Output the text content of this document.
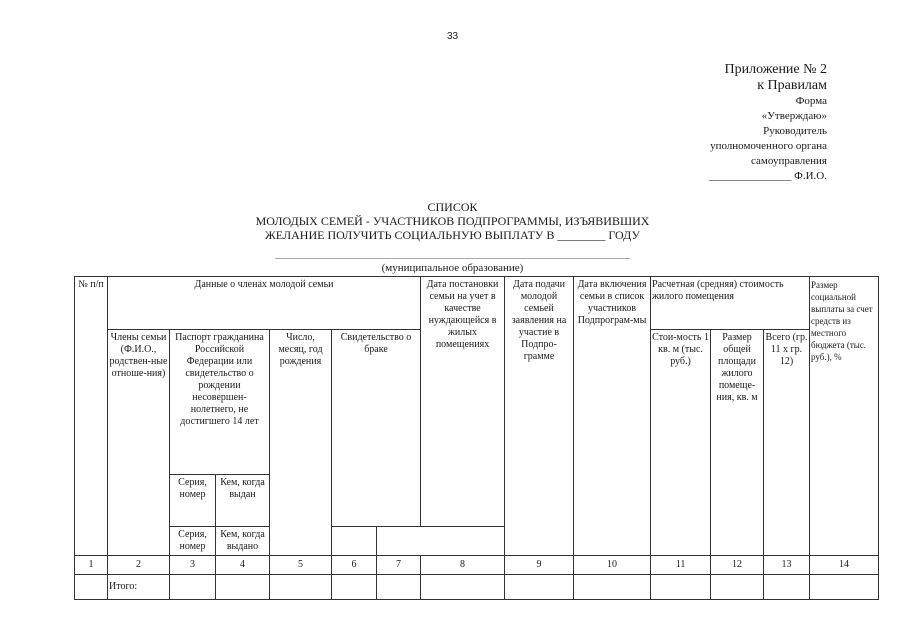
33
Приложение № 2
к Правилам
Форма
«Утверждаю»
Руководитель
уполномоченного органа
самоуправления
_______________ Ф.И.О.
СПИСОК
МОЛОДЫХ СЕМЕЙ - УЧАСТНИКОВ ПОДПРОГРАММЫ, ИЗЪЯВИВШИХ
ЖЕЛАНИЕ ПОЛУЧИТЬ СОЦИАЛЬНУЮ ВЫПЛАТУ В ________ ГОДУ
(муниципальное образование)
№ п/п	Данные о членах молодой семьи						Дата постановки семьи на учет в качестве нуждающейся в жилых помещениях	Дата подачи молодой семьей заявления на участие в Подпро-грамме	Дата включения семьи в список участников Подпрограм-мы	Расчетная (средняя) стоимость жилого помещения			Размер социальной выплаты за счет средств из местного бюджета (тыс. руб.), %
	Члены семьи (Ф.И.О., родствен-ные отноше-ния)	Паспорт гражданина Российской Федерации или свидетельство о рождении несовершен-нолетнего, не достигшего 14 лет		Число, месяц, год рождения	Свидетельство о браке					Стои-мость 1 кв. м (тыс. руб.)	Размер общей площади жилого помеще-ния, кв. м	Всего (гр. 11 x гр. 12)	
		Серия, номер	Кем, когда выдан										
		Серия, номер	Кем, когда выдано										
1	2	3	4	5	6	7	8	9	10	11	12	13	14
	Итого:												
